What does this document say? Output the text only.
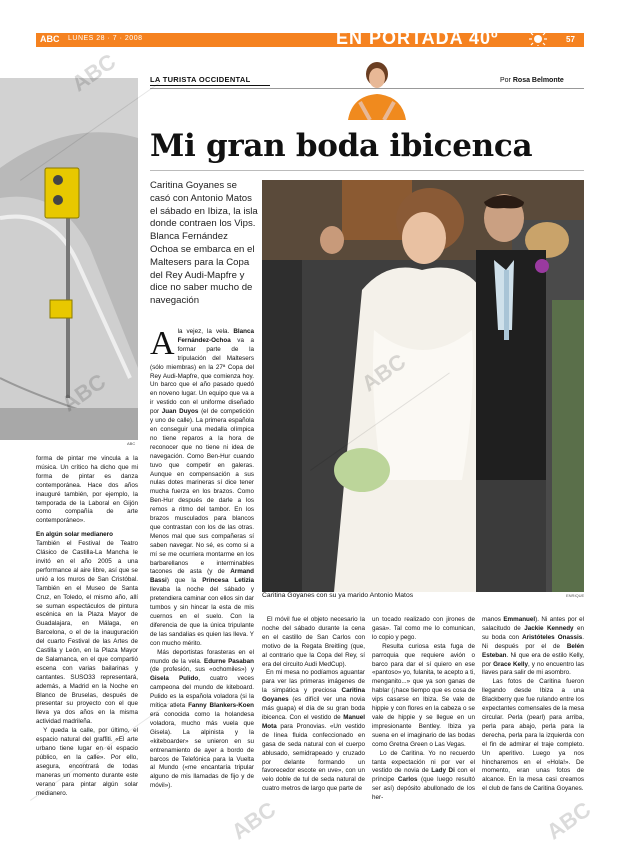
ABC LUNES 28 · 7 · 2008	EN PORTADA 40º	57
ABC
LA TURISTA OCCIDENTAL	Por Rosa Belmonte
Mi gran boda ibicenca
Caritina Goyanes se casó con Antonio Matos el sábado en Ibiza, la isla donde contraen los Vips. Blanca Fernández Ochoa se embarca en el Maltesers para la Copa del Rey Audi-Mapfre y dice no saber mucho de navegación
Caritina Goyanes con su ya marido Antonio Matos	ENRIQUE
forma de pintar me vincula a la música. Un crítico ha dicho que mi forma de pintar es danza contemporánea. Hace dos años inauguré también, por ejemplo, la temporada de la Laboral en Gijón como compañía de arte contemporáneo».
En algún solar medianero
También el Festival de Teatro Clásico de Castilla-La Mancha le invitó en el año 2005 a una performance al aire libre, así que se unió a los muros de San Cristóbal. También en el Museo de Santa Cruz, en Toledo, el mismo año, allí se suman espectáculos de pintura escénica en la Plaza Mayor de Guadalajara, en Málaga, en Barcelona, o el de la inauguración del cuarto Festival de las Artes de Castilla y León, en la Plaza Mayor de Salamanca, en el que compartió escena con varias bailarinas y cantantes. SUSO33 representará, además, a Madrid en la Noche en Blanco de Bruselas, después de presentar su proyecto con el que lleva ya dos años en la misma actividad madrileña.
Y queda la calle, por último, el espacio natural del graffiti. «El arte urbano tiene lugar en el espacio público, en la calle». Por ello, asegura, encontrará de todas maneras un momento durante este verano para pintar algún solar medianero.
A la vejez, la vela. Blanca Fernández-Ochoa va a formar parte de la tripulación del Maltesers (sólo miembras) en la 27ª Copa del Rey Audi-Mapfre, que comienza hoy. Un barco que el año pasado quedó en noveno lugar. Un equipo que va a ir vestido con el uniforme diseñado por Juan Duyos (el de competición y uno de calle). La primera española en conseguir una medalla olímpica no tiene reparos a la hora de reconocer que no tiene ni idea de navegación. Como Ben-Hur cuando tuvo que competir en galeras. Aunque en compensación a sus nulas dotes marineras sí dice tener mucha fuerza en los brazos. Como Ben-Hur después de darle a los remos a ritmo del tambor. En los brazos musculados para blancos que contrastan con los de las otras. Menos mal que sus compañeras sí saben navegar. No sé, es como si a mí se me ocurriera montarme en los barbarellanos e interminables tacones de asta (y de Armand Bassi) que la Princesa Letizia llevaba la noche del sábado y pretendiera caminar con ellos sin dar tumbos y sin hincar la esta de mis cuernos en el suelo. Con la diferencia de que la única tripulante de las sandalias es quien las lleva. Y con mucho mérito.
Más deportistas forasteras en el mundo de la vela. Edurne Pasaban (de profesión, sus «ochomiles») y Gisela Pulido, cuatro veces campeona del mundo de kiteboard. Pulido es la española voladora (si la mítica atleta Fanny Blankers-Koen era conocida como la holandesa voladora, mucho más vuela que Gisela). La alpinista y la «kiteboarder» se unieron en su entrenamiento de ayer a bordo de barcos de Telefónica para la Vuelta al Mundo («me encantaría tripular alguno de mis llamadas de fijo y de móvil»).
El móvil fue el objeto necesario la noche del sábado durante la cena en el castillo de San Carlos con motivo de la Regata Breitling (que, al contrario que la Copa del Rey, sí era del circuito Audi MedCup).
En mi mesa no podíamos aguantar para ver las primeras imágenes de la simpática y preciosa Caritina Goyanes (es difícil ver una novia más guapa) el día de su gran boda ibicenca. Con el vestido de Manuel Mota para Pronovias. «Un vestido de línea fluida confeccionado en gasa de seda natural con el cuerpo ablusado, semidrapeado y cruzado por delante formando un favorecedor escote en uve», con un velo doble de tul de seda natural de cuatro metros de largo que parte de
un tocado realizado con jirones de gasa». Tal como me lo comunican, lo copio y pego.
Resulta curiosa esta fuga de parroquia que requiere avión o barco para dar el sí quiero en ese «pantoso» yo, fulanita, te acepto a ti, menganito...» que ya son ganas de hablar (¡hace tiempo que es cosa de vips casarse en Ibiza. Se vale de hippie y con flores en la cabeza o se vale de hippie y se llegue en un impresionante Bentley. Ibiza ya suena en el imaginario de las bodas como Gretna Green o Las Vegas.
Lo de Caritina. Yo no recuerdo tanta expectación ni por ver el vestido de novia de Lady Di con el príncipe Carlos (que luego resultó ser así) depósito abullonado de los her-
manos Emmanuel). Ni antes por el salacitudo de Jackie Kennedy en su boda con Aristóteles Onassis. Ni después por el de Belén Esteban. Ni que era de estilo Kelly, por Grace Kelly, y no encuentro las llaves para salir de mi asombro.
Las fotos de Caritina fueron llegando desde Ibiza a una Blackberry que fue rulando entre los expectantes comensales de la mesa circular. Perla (pearl) para arriba, perla para abajo, perla para la derecha, perla para la izquierda con el fin de admirar el traje completo. Un aperitivo. Luego ya nos hincharemos en el «Hola!». De momento, eran unas fotos de alcance. En la mesa casi creamos el club de fans de Caritina Goyanes.
ABC
ABC	ABC
